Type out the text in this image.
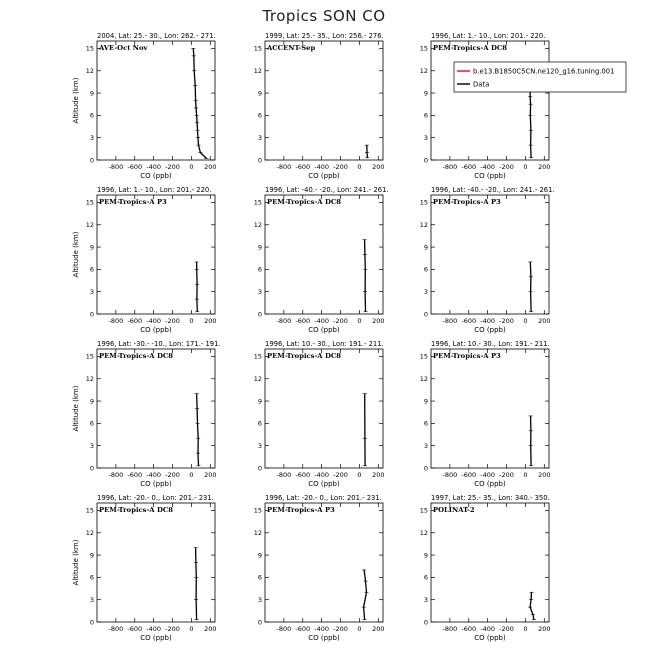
Tropics SON CO
2004, Lat: 25.- 30., Lon: 262.- 271.
AVE-Oct Nov
-800 -600 -400 -200 0 200
0
3
6
9
12
15
CO (ppb)
Altitude (km)
1999, Lat: 25.- 35., Lon: 256.- 276.
ACCENT-Sep
-800 -600 -400 -200 0 200
0
3
6
9
12
15
CO (ppb)
1996, Lat: 1.- 10., Lon: 201.- 220.
PEM-Tropics-A DC8
-800 -600 -400 -200 0 200
0
3
6
9
12
15
CO (ppb)
1996, Lat: 1.- 10., Lon: 201.- 220.
PEM-Tropics-A P3
-800 -600 -400 -200 0 200
0
3
6
9
12
15
CO (ppb)
Altitude (km)
1996, Lat: -40.- -20., Lon: 241.- 261.
PEM-Tropics-A DC8
-800 -600 -400 -200 0 200
0
3
6
9
12
15
CO (ppb)
1996, Lat: -40.- -20., Lon: 241.- 261.
PEM-Tropics-A P3
-800 -600 -400 -200 0 200
0
3
6
9
12
15
CO (ppb)
1996, Lat: -30.- -10., Lon: 171.- 191.
PEM-Tropics-A DC8
-800 -600 -400 -200 0 200
0
3
6
9
12
15
CO (ppb)
Altitude (km)
1996, Lat: 10.- 30., Lon: 191.- 211.
PEM-Tropics-A DC8
-800 -600 -400 -200 0 200
0
3
6
9
12
15
CO (ppb)
1996, Lat: 10.- 30., Lon: 191.- 211.
PEM-Tropics-A P3
-800 -600 -400 -200 0 200
0
3
6
9
12
15
CO (ppb)
1996, Lat: -20.- 0., Lon: 201.- 231.
PEM-Tropics-A DC8
-800 -600 -400 -200 0 200
0
3
6
9
12
15
CO (ppb)
Altitude (km)
1996, Lat: -20.- 0., Lon: 201.- 231.
PEM-Tropics-A P3
-800 -600 -400 -200 0 200
0
3
6
9
12
15
CO (ppb)
1997, Lat: 25.- 35., Lon: 340.- 350.
POLINAT-2
-800 -600 -400 -200 0 200
0
3
6
9
12
15
CO (ppb)
b.e13.B1850C5CN.ne120_g16.tuning.001
Data
